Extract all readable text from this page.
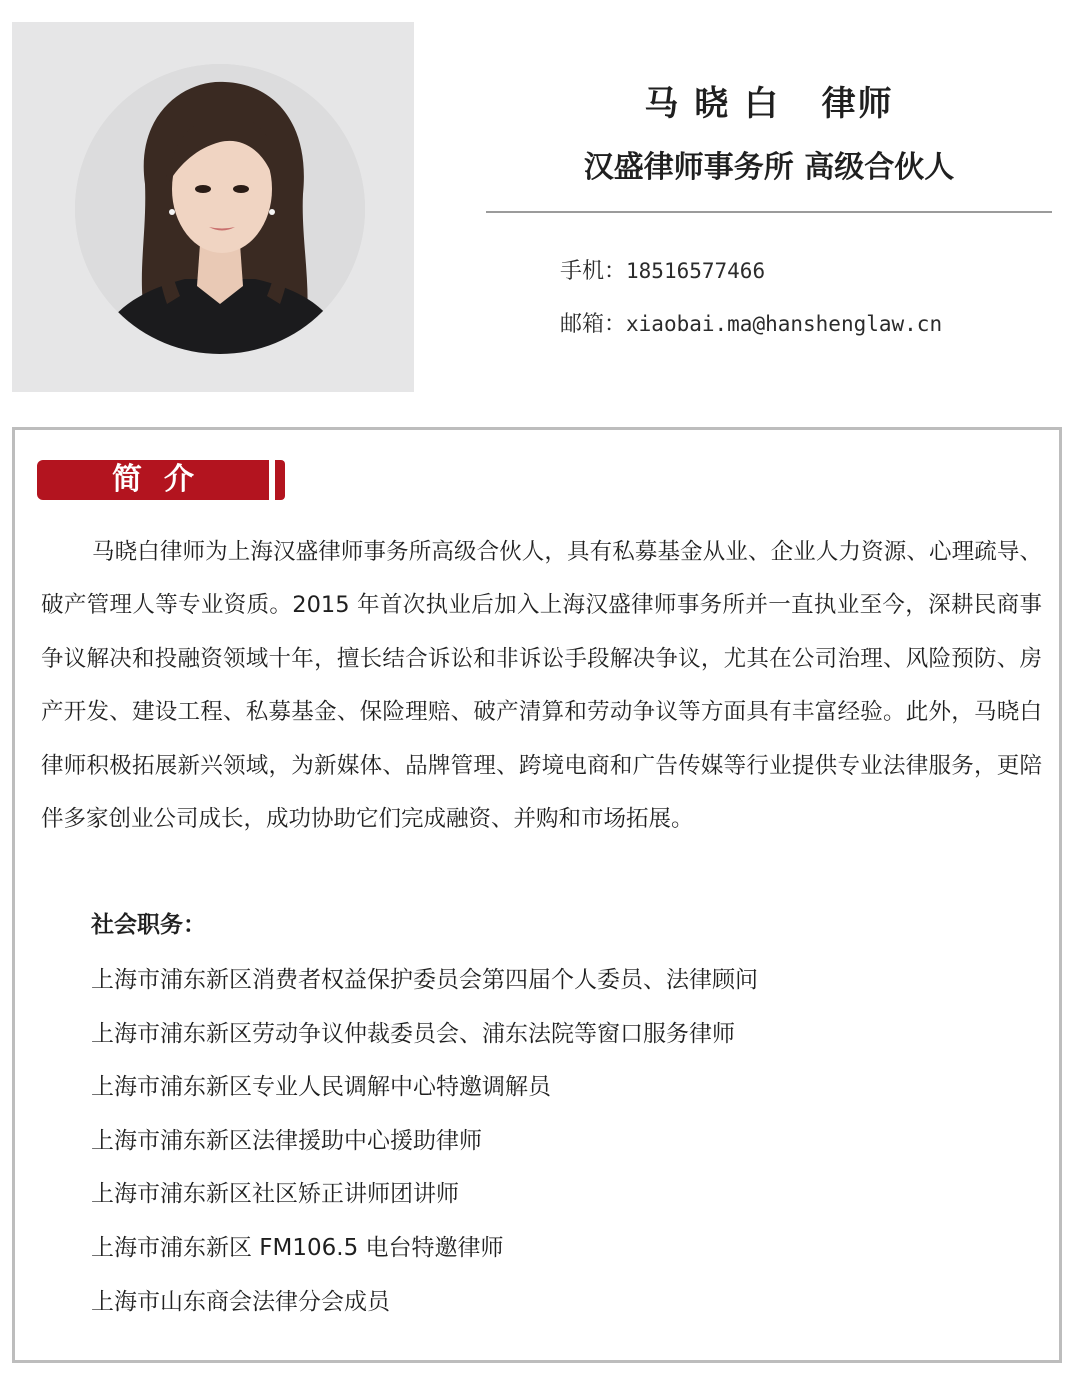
马 晓 白   律师
汉盛律师事务所 高级合伙人
手机：18516577466
邮箱：xiaobai.ma@hanshenglaw.cn
简介

马晓白律师为上海汉盛律师事务所高级合伙人，具有私募基金从业、企业人力资源、心理疏导、破产管理人等专业资质。2015 年首次执业后加入上海汉盛律师事务所并一直执业至今，深耕民商事争议解决和投融资领域十年，擅长结合诉讼和非诉讼手段解决争议，尤其在公司治理、风险预防、房产开发、建设工程、私募基金、保险理赔、破产清算和劳动争议等方面具有丰富经验。此外，马晓白律师积极拓展新兴领域，为新媒体、品牌管理、跨境电商和广告传媒等行业提供专业法律服务，更陪伴多家创业公司成长，成功协助它们完成融资、并购和市场拓展。

社会职务：
上海市浦东新区消费者权益保护委员会第四届个人委员、法律顾问
上海市浦东新区劳动争议仲裁委员会、浦东法院等窗口服务律师
上海市浦东新区专业人民调解中心特邀调解员
上海市浦东新区法律援助中心援助律师
上海市浦东新区社区矫正讲师团讲师
上海市浦东新区 FM106.5 电台特邀律师
上海市山东商会法律分会成员
